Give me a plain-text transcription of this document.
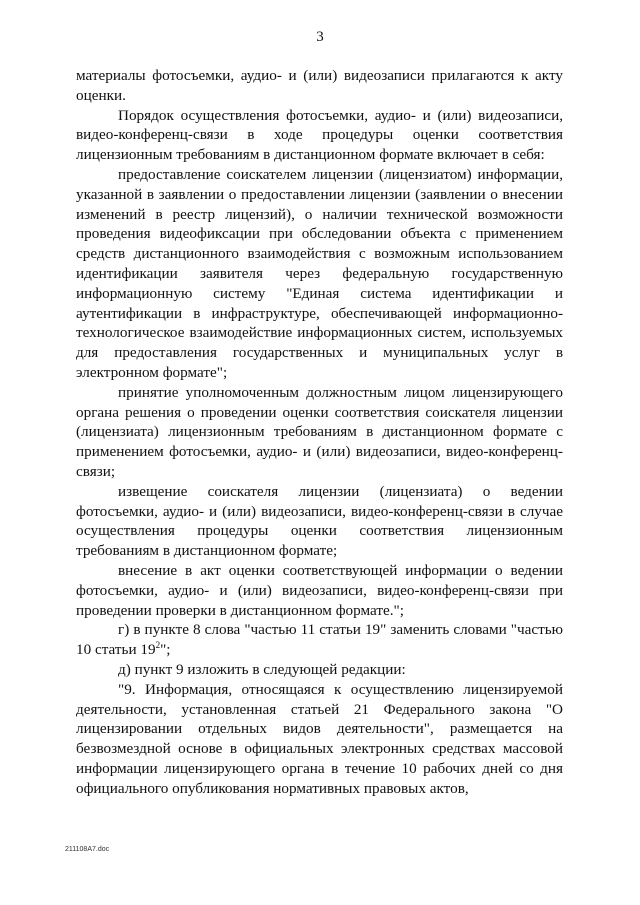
3

материалы фотосъемки, аудио- и (или) видеозаписи прилагаются к акту оценки.

Порядок осуществления фотосъемки, аудио- и (или) видеозаписи, видео-конференц-связи в ходе процедуры оценки соответствия лицензионным требованиям в дистанционном формате включает в себя:

предоставление соискателем лицензии (лицензиатом) информации, указанной в заявлении о предоставлении лицензии (заявлении о внесении изменений в реестр лицензий), о наличии технической возможности проведения видеофиксации при обследовании объекта с применением средств дистанционного взаимодействия с возможным использованием идентификации заявителя через федеральную государственную информационную систему "Единая система идентификации и аутентификации в инфраструктуре, обеспечивающей информационно-технологическое взаимодействие информационных систем, используемых для предоставления государственных и муниципальных услуг в электронном формате";

принятие уполномоченным должностным лицом лицензирующего органа решения о проведении оценки соответствия соискателя лицензии (лицензиата) лицензионным требованиям в дистанционном формате с применением фотосъемки, аудио- и (или) видеозаписи, видео-конференц-связи;

извещение соискателя лицензии (лицензиата) о ведении фотосъемки, аудио- и (или) видеозаписи, видео-конференц-связи в случае осуществления процедуры оценки соответствия лицензионным требованиям в дистанционном формате;

внесение в акт оценки соответствующей информации о ведении фотосъемки, аудио- и (или) видеозаписи, видео-конференц-связи при проведении проверки в дистанционном формате.";

г) в пункте 8 слова "частью 11 статьи 19" заменить словами "частью 10 статьи $19^2$";

д) пункт 9 изложить в следующей редакции:

"9. Информация, относящаяся к осуществлению лицензируемой деятельности, установленная статьей 21 Федерального закона "О лицензировании отдельных видов деятельности", размещается на безвозмездной основе в официальных электронных средствах массовой информации лицензирующего органа в течение 10 рабочих дней со дня официального опубликования нормативных правовых актов,

211108А7.doc
